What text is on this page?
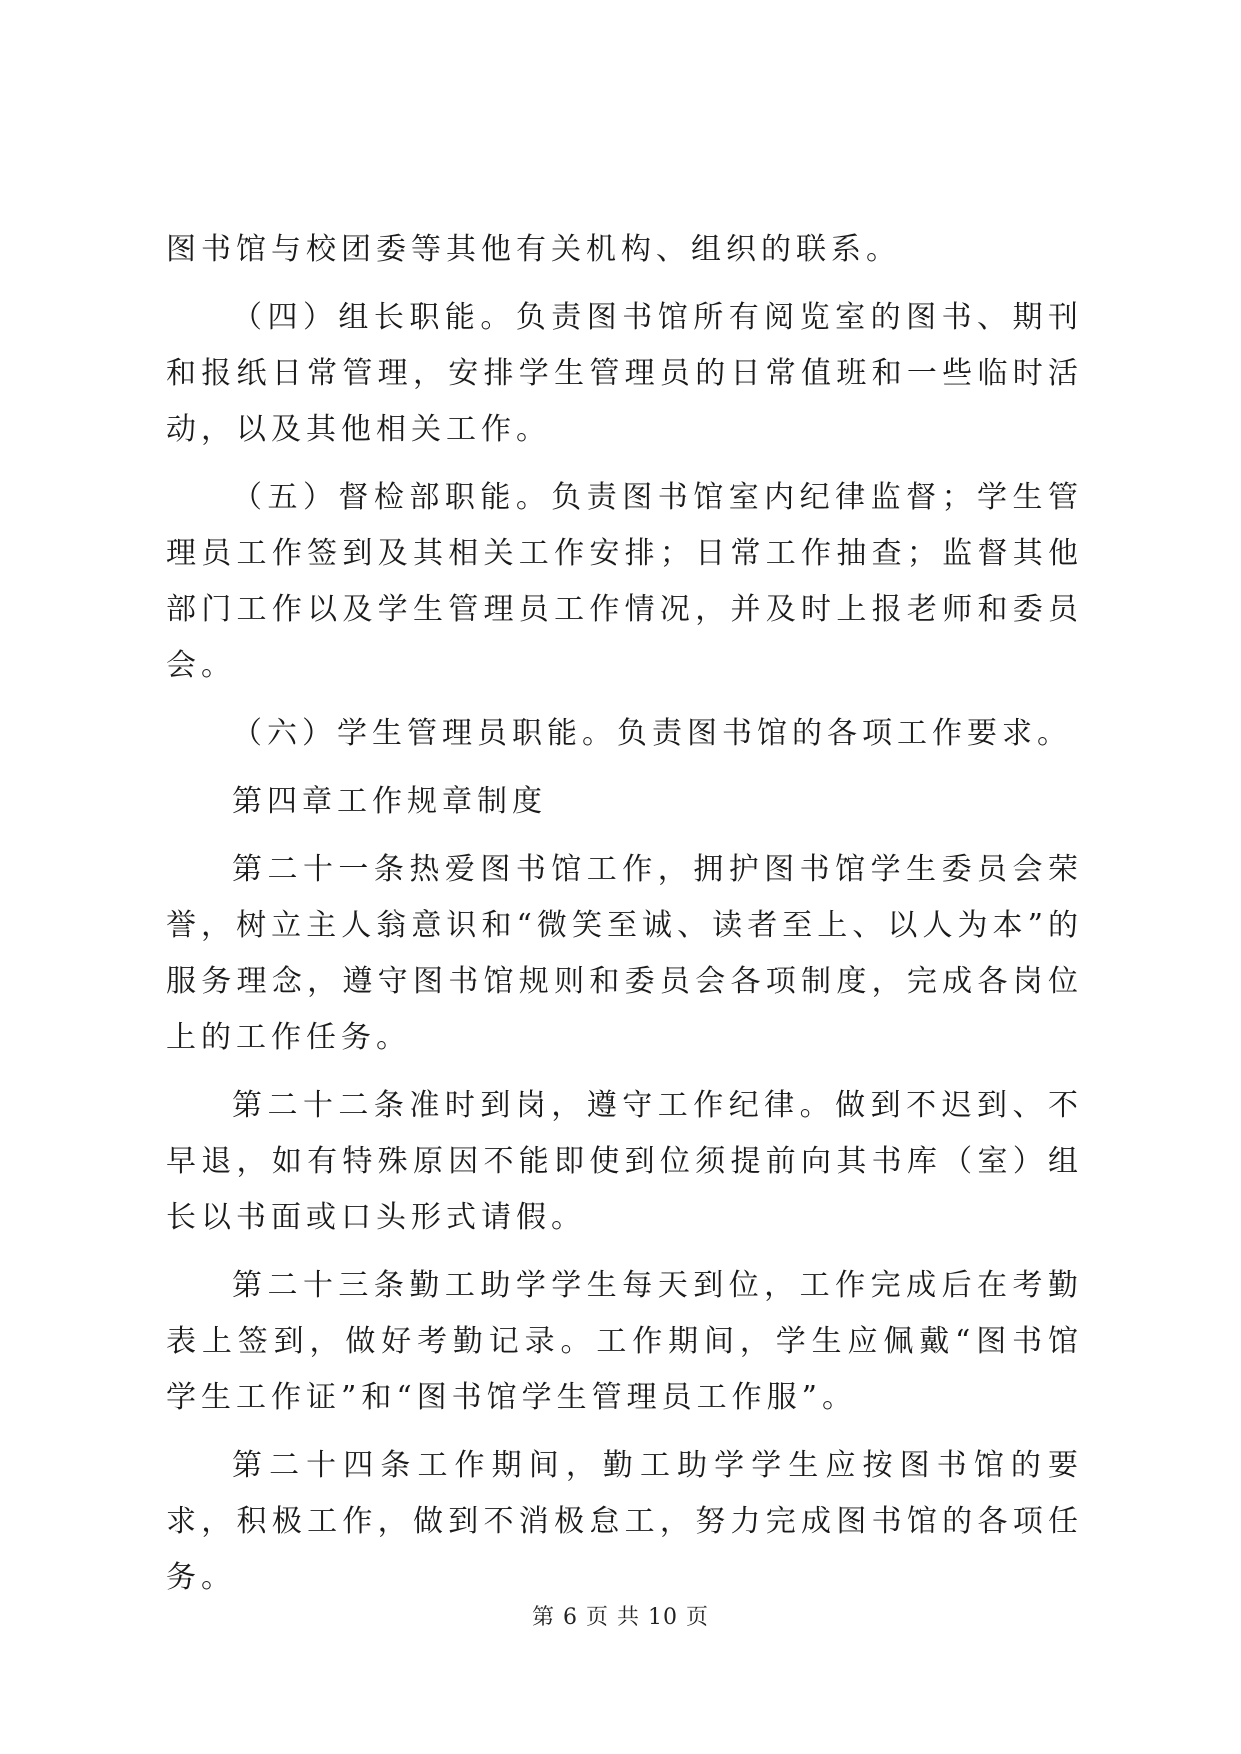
图书馆与校团委等其他有关机构、组织的联系。

（四）组长职能。负责图书馆所有阅览室的图书、期刊和报纸日常管理，安排学生管理员的日常值班和一些临时活动，以及其他相关工作。

（五）督检部职能。负责图书馆室内纪律监督；学生管理员工作签到及其相关工作安排；日常工作抽查；监督其他部门工作以及学生管理员工作情况，并及时上报老师和委员会。

（六）学生管理员职能。负责图书馆的各项工作要求。

第四章工作规章制度

第二十一条热爱图书馆工作，拥护图书馆学生委员会荣誉，树立主人翁意识和“微笑至诚、读者至上、以人为本”的服务理念，遵守图书馆规则和委员会各项制度，完成各岗位上的工作任务。

第二十二条准时到岗，遵守工作纪律。做到不迟到、不早退，如有特殊原因不能即使到位须提前向其书库（室）组长以书面或口头形式请假。

第二十三条勤工助学学生每天到位，工作完成后在考勤表上签到，做好考勤记录。工作期间，学生应佩戴“图书馆学生工作证”和“图书馆学生管理员工作服”。

第二十四条工作期间，勤工助学学生应按图书馆的要求，积极工作，做到不消极怠工，努力完成图书馆的各项任务。

第 6 页 共 10 页
